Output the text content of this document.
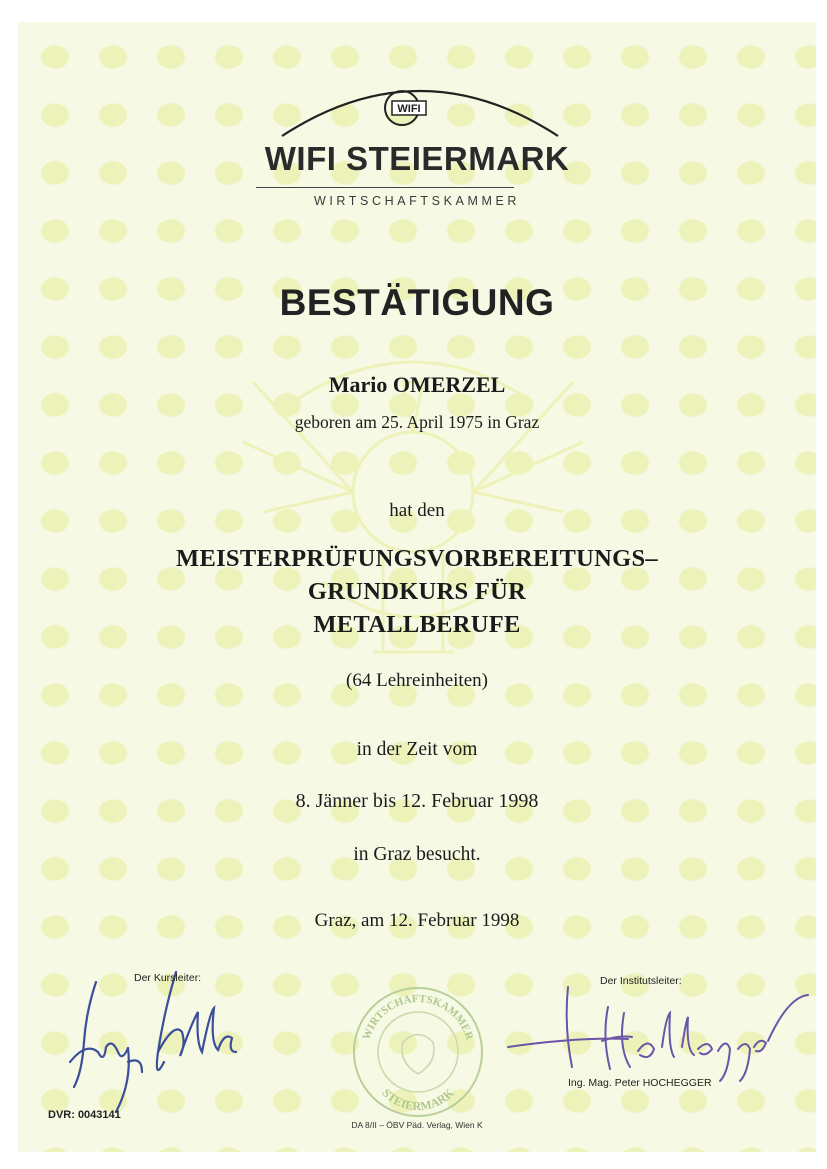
WIFI
WIFI STEIERMARK
WIRTSCHAFTSKAMMER
BESTÄTIGUNG
Mario OMERZEL
geboren am 25. April 1975 in Graz
hat den
MEISTERPRÜFUNGSVORBEREITUNGS–
GRUNDKURS FÜR
METALLBERUFE
(64 Lehreinheiten)
in der Zeit vom
8. Jänner bis 12. Februar 1998
in Graz besucht.
Graz, am 12. Februar 1998
Der Kursleiter:
WIRTSCHAFTSKAMMER
STEIERMARK
Der Institutsleiter:
Ing. Mag. Peter HOCHEGGER
DVR: 0043141
DA 8/II – ÖBV Päd. Verlag, Wien K
